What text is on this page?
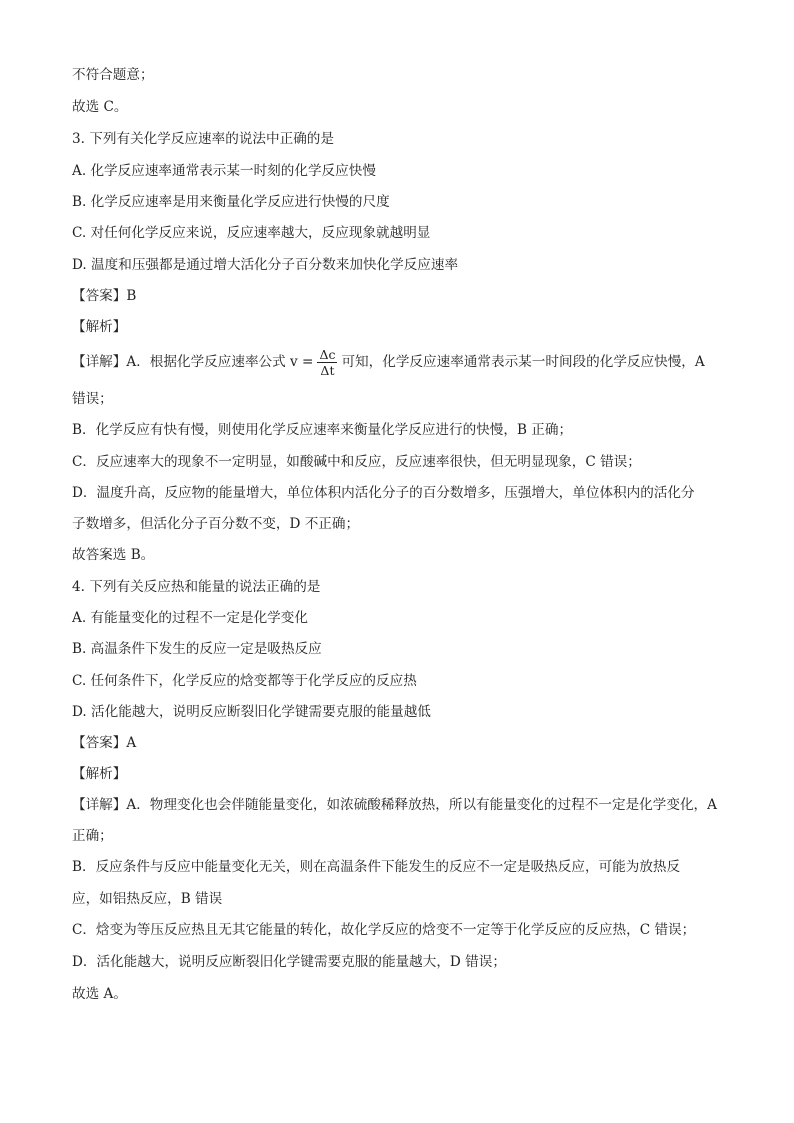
不符合题意；
故选 C。
3. 下列有关化学反应速率的说法中正确的是
A. 化学反应速率通常表示某一时刻的化学反应快慢
B. 化学反应速率是用来衡量化学反应进行快慢的尺度
C. 对任何化学反应来说，反应速率越大，反应现象就越明显
D. 温度和压强都是通过增大活化分子百分数来加快化学反应速率
【答案】B
【解析】
【详解】A．根据化学反应速率公式 $v = \frac{\Delta c}{\Delta t}$ 可知，化学反应速率通常表示某一时间段的化学反应快慢，A
错误；
B．化学反应有快有慢，则使用化学反应速率来衡量化学反应进行的快慢，B 正确；
C．反应速率大的现象不一定明显，如酸碱中和反应，反应速率很快，但无明显现象，C 错误；
D．温度升高，反应物的能量增大，单位体积内活化分子的百分数增多，压强增大，单位体积内的活化分
子数增多，但活化分子百分数不变，D 不正确；
故答案选 B。
4. 下列有关反应热和能量的说法正确的是
A. 有能量变化的过程不一定是化学变化
B. 高温条件下发生的反应一定是吸热反应
C. 任何条件下，化学反应的焓变都等于化学反应的反应热
D. 活化能越大，说明反应断裂旧化学键需要克服的能量越低
【答案】A
【解析】
【详解】A．物理变化也会伴随能量变化，如浓硫酸稀释放热，所以有能量变化的过程不一定是化学变化，A
正确；
B．反应条件与反应中能量变化无关，则在高温条件下能发生的反应不一定是吸热反应，可能为放热反
应，如铝热反应，B 错误
C．焓变为等压反应热且无其它能量的转化，故化学反应的焓变不一定等于化学反应的反应热，C 错误；
D．活化能越大，说明反应断裂旧化学键需要克服的能量越大，D 错误；
故选 A。
